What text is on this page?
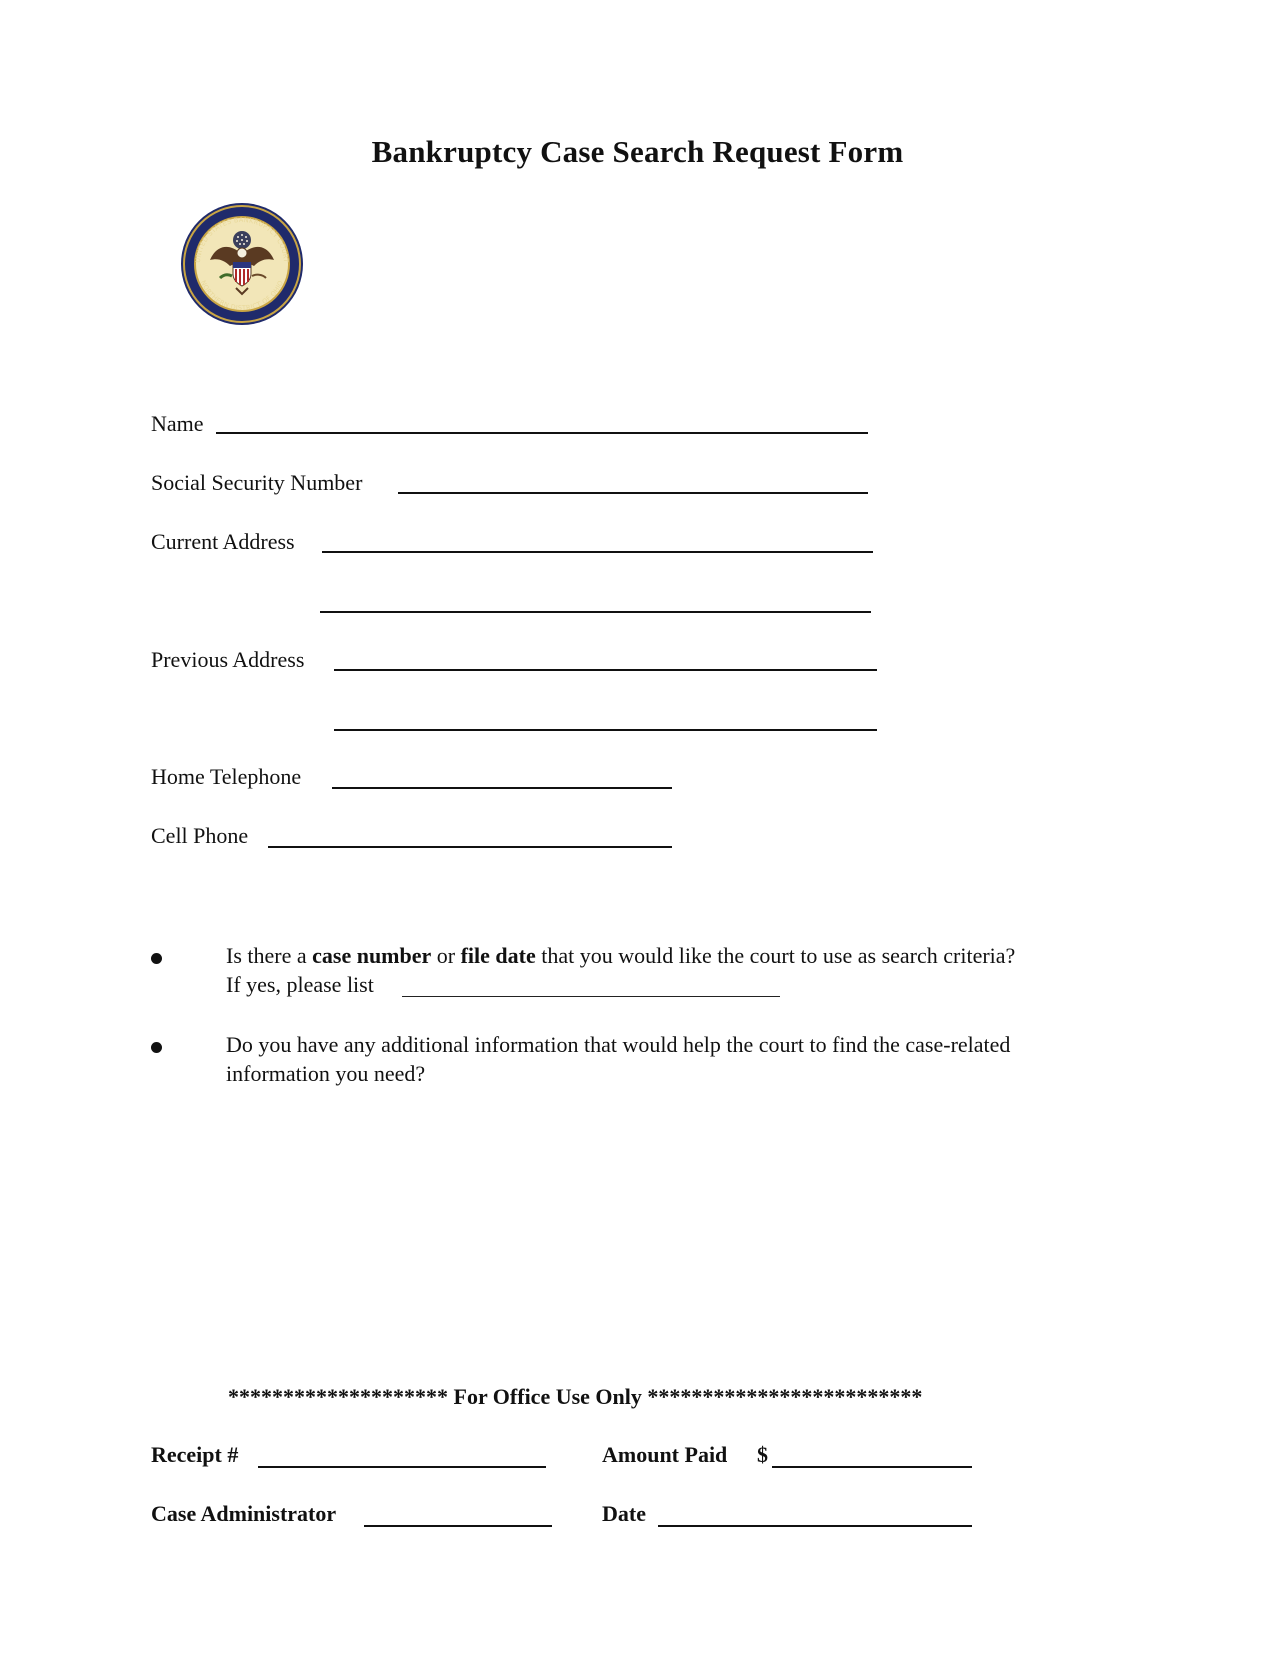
Bankruptcy Case Search Request Form
UNITED STATES BANKRUPTCY COURT
NORTHERN DISTRICT OF OHIO
Name
Social Security Number
Current Address
Previous Address
Home Telephone
Cell Phone
Is there a case number or file date that you would like the court to use as search criteria?
If yes, please list
Do you have any additional information that would help the court to find the case-related
information you need?
******************** For Office Use Only *************************
Receipt #	Amount Paid $
Case Administrator	Date
